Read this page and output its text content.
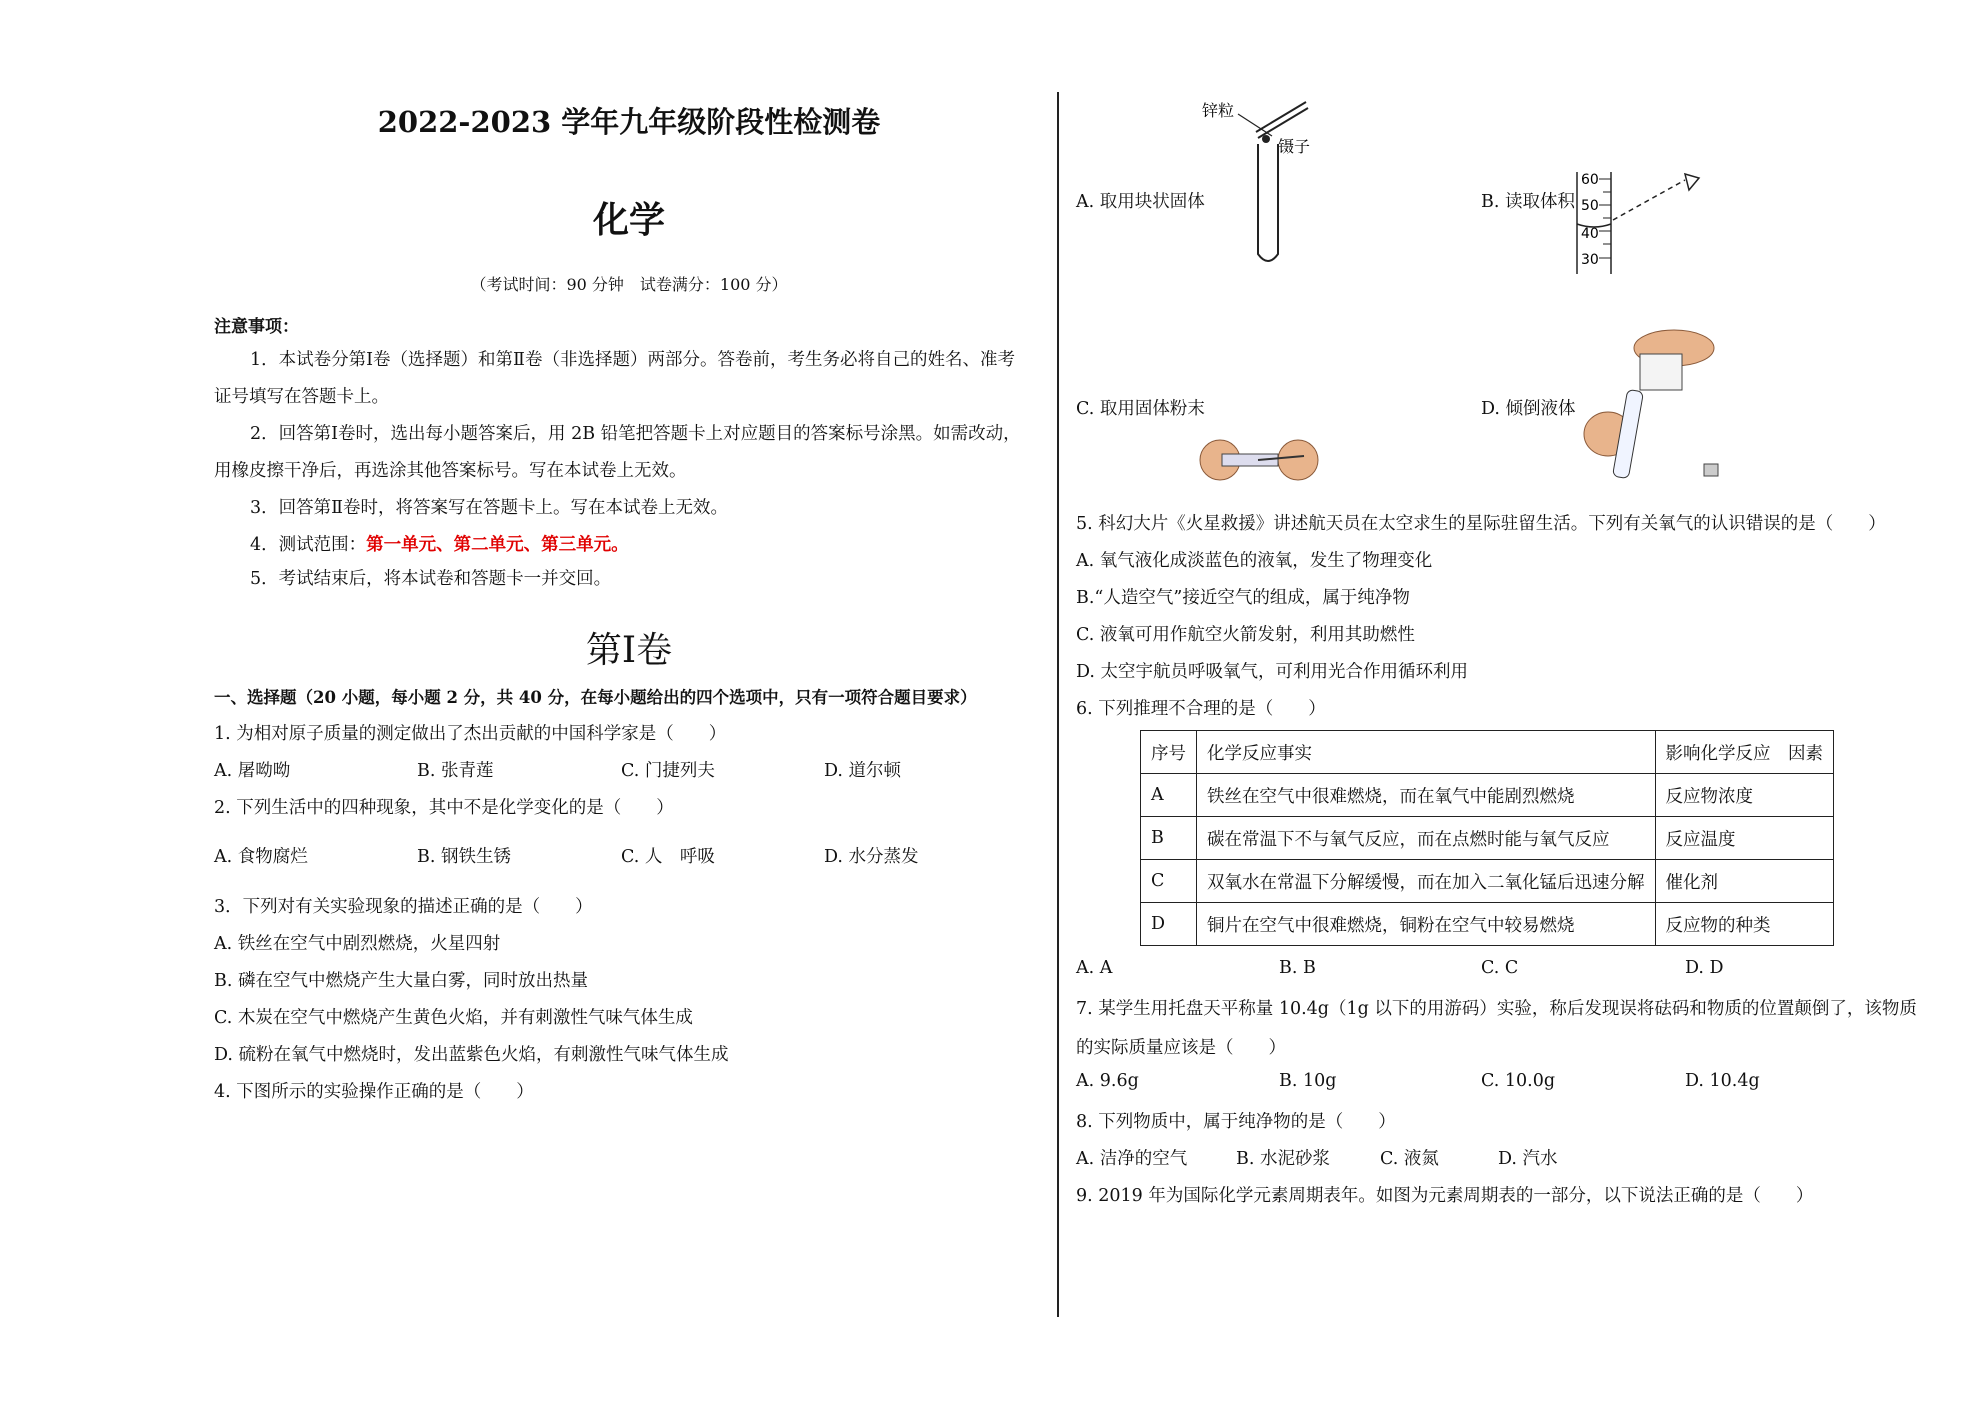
2022-2023 学年九年级阶段性检测卷
化学
（考试时间：90 分钟　试卷满分：100 分）
注意事项：
1．本试卷分第Ⅰ卷（选择题）和第Ⅱ卷（非选择题）两部分。答卷前，考生务必将自己的姓名、准考
证号填写在答题卡上。
2．回答第Ⅰ卷时，选出每小题答案后，用 2B 铅笔把答题卡上对应题目的答案标号涂黑。如需改动，
用橡皮擦干净后，再选涂其他答案标号。写在本试卷上无效。
3．回答第Ⅱ卷时，将答案写在答题卡上。写在本试卷上无效。
4．测试范围：第一单元、第二单元、第三单元。
5．考试结束后，将本试卷和答题卡一并交回。
第Ⅰ卷
一、选择题（20 小题，每小题 2 分，共 40 分，在每小题给出的四个选项中，只有一项符合题目要求）
1. 为相对原子质量的测定做出了杰出贡献的中国科学家是（　　）
A. 屠呦呦	B. 张青莲	C. 门捷列夫	D. 道尔顿
2. 下列生活中的四种现象，其中不是化学变化的是（　　）
A. 食物腐烂	B. 钢铁生锈	C. 人　呼吸	D. 水分蒸发
3．下列对有关实验现象的描述正确的是（　　）
A. 铁丝在空气中剧烈燃烧，火星四射
B. 磷在空气中燃烧产生大量白雾，同时放出热量
C. 木炭在空气中燃烧产生黄色火焰，并有刺激性气味气体生成
D. 硫粉在氧气中燃烧时，发出蓝紫色火焰，有刺激性气味气体生成
4. 下图所示的实验操作正确的是（　　）
A. 取用块状固体
锌粒
镊子
B. 读取体积
60
50
40
30
C. 取用固体粉末	D. 倾倒液体
5. 科幻大片《火星救援》讲述航天员在太空求生的星际驻留生活。下列有关氧气的认识错误的是（　　）
A. 氧气液化成淡蓝色的液氧，发生了物理变化
B.“人造空气”接近空气的组成，属于纯净物
C. 液氧可用作航空火箭发射，利用其助燃性
D. 太空宇航员呼吸氧气，可利用光合作用循环利用
6. 下列推理不合理的是（　　）
序号	化学反应事实	影响化学反应　因素
A	铁丝在空气中很难燃烧，而在氧气中能剧烈燃烧	反应物浓度
B	碳在常温下不与氧气反应，而在点燃时能与氧气反应	反应温度
C	双氧水在常温下分解缓慢，而在加入二氧化锰后迅速分解	催化剂
D	铜片在空气中很难燃烧，铜粉在空气中较易燃烧	反应物的种类
A. A	B. B	C. C	D. D
7. 某学生用托盘天平称量 10.4g（1g 以下的用游码）实验，称后发现误将砝码和物质的位置颠倒了，该物质
的实际质量应该是（　　）
A. 9.6g	B. 10g	C. 10.0g	D. 10.4g
8. 下列物质中，属于纯净物的是（　　）
A. 洁净的空气	B. 水泥砂浆	C. 液氮	D. 汽水
9. 2019 年为国际化学元素周期表年。如图为元素周期表的一部分，以下说法正确的是（　　）
